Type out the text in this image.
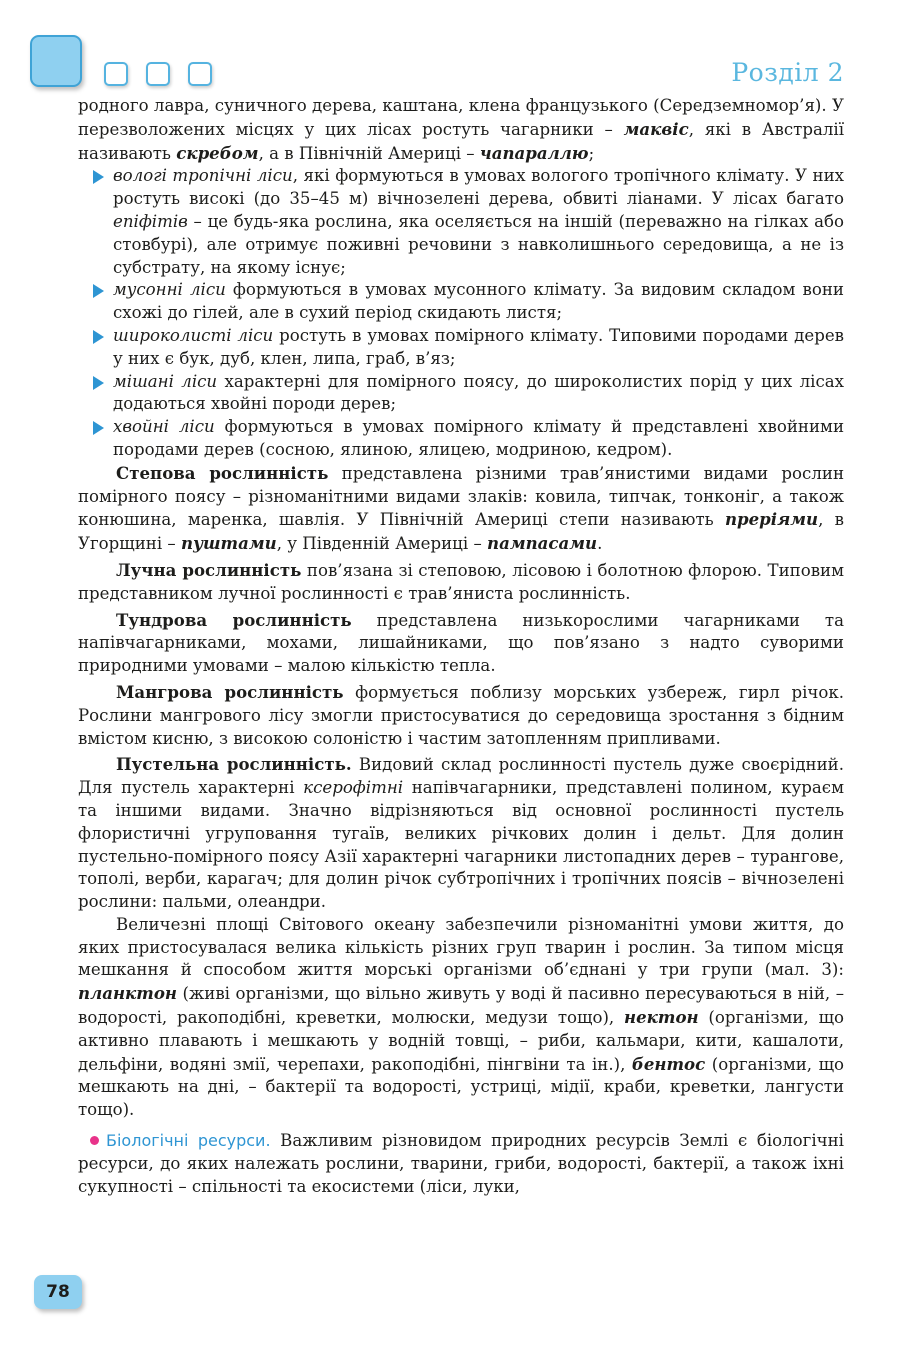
Розділ 2

родного лавра, суничного дерева, каштана, клена французького (Середземномор’я). У перезволожених місцях у цих лісах ростуть чагарники – маквіс, які в Австралії називають скребом, а в Північній Америці – чапараллю;

вологі тропічні ліси, які формуються в умовах вологого тропічного клімату. У них ростуть високі (до 35–45 м) вічнозелені дерева, обвиті ліанами. У лісах багато епіфітів – це будь-яка рослина, яка оселяється на іншій (переважно на гілках або стовбурі), але отримує поживні речовини з навколишнього середовища, а не із субстрату, на якому існує;

мусонні ліси формуються в умовах мусонного клімату. За видовим складом вони схожі до гілей, але в сухий період скидають листя;

широколисті ліси ростуть в умовах помірного клімату. Типовими породами дерев у них є бук, дуб, клен, липа, граб, в’яз;

мішані ліси характерні для помірного поясу, до широколистих порід у цих лісах додаються хвойні породи дерев;

хвойні ліси формуються в умовах помірного клімату й представлені хвойними породами дерев (сосною, ялиною, ялицею, модриною, кедром).

Степова рослинність представлена різними трав’янистими видами рослин помірного поясу – різноманітними видами злаків: ковила, типчак, тонконіг, а також конюшина, маренка, шавлія. У Північній Америці степи називають преріями, в Угорщині – пуштами, у Південній Америці – пампасами.

Лучна рослинність пов’язана зі степовою, лісовою і болотною флорою. Типовим представником лучної рослинності є трав’яниста рослинність.

Тундрова рослинність представлена низькорослими чагарниками та напівчагарниками, мохами, лишайниками, що пов’язано з надто суворими природними умовами – малою кількістю тепла.

Мангрова рослинність формується поблизу морських узбереж, гирл річок. Рослини мангрового лісу змогли пристосуватися до середовища зростання з бідним вмістом кисню, з високою солоністю і частим затопленням припливами.

Пустельна рослинність. Видовий склад рослинності пустель дуже своєрідний. Для пустель характерні ксерофітні напівчагарники, представлені полином, кураєм та іншими видами. Значно відрізняються від основної рослинності пустель флористичні угруповання тугаїв, великих річкових долин і дельт. Для долин пустельно-помірного поясу Азії характерні чагарники листопадних дерев – турангове, тополі, верби, карагач; для долин річок субтропічних і тропічних поясів – вічнозелені рослини: пальми, олеандри.

Величезні площі Світового океану забезпечили різноманітні умови життя, до яких пристосувалася велика кількість різних груп тварин і рослин. За типом місця мешкання й способом життя морські організми об’єднані у три групи (мал. 3): планктон (живі організми, що вільно живуть у воді й пасивно пересуваються в ній, – водорості, ракоподібні, креветки, молюски, медузи тощо), нектон (організми, що активно плавають і мешкають у водній товщі, – риби, кальмари, кити, кашалоти, дельфіни, водяні змії, черепахи, ракоподібні, пінгвіни та ін.), бентос (організми, що мешкають на дні, – бактерії та водорості, устриці, мідії, краби, креветки, лангусти тощо).

Біологічні ресурси. Важливим різновидом природних ресурсів Землі є біологічні ресурси, до яких належать рослини, тварини, гриби, водорості, бактерії, а також іхні сукупності – спільності та екосистеми (ліси, луки,

78
